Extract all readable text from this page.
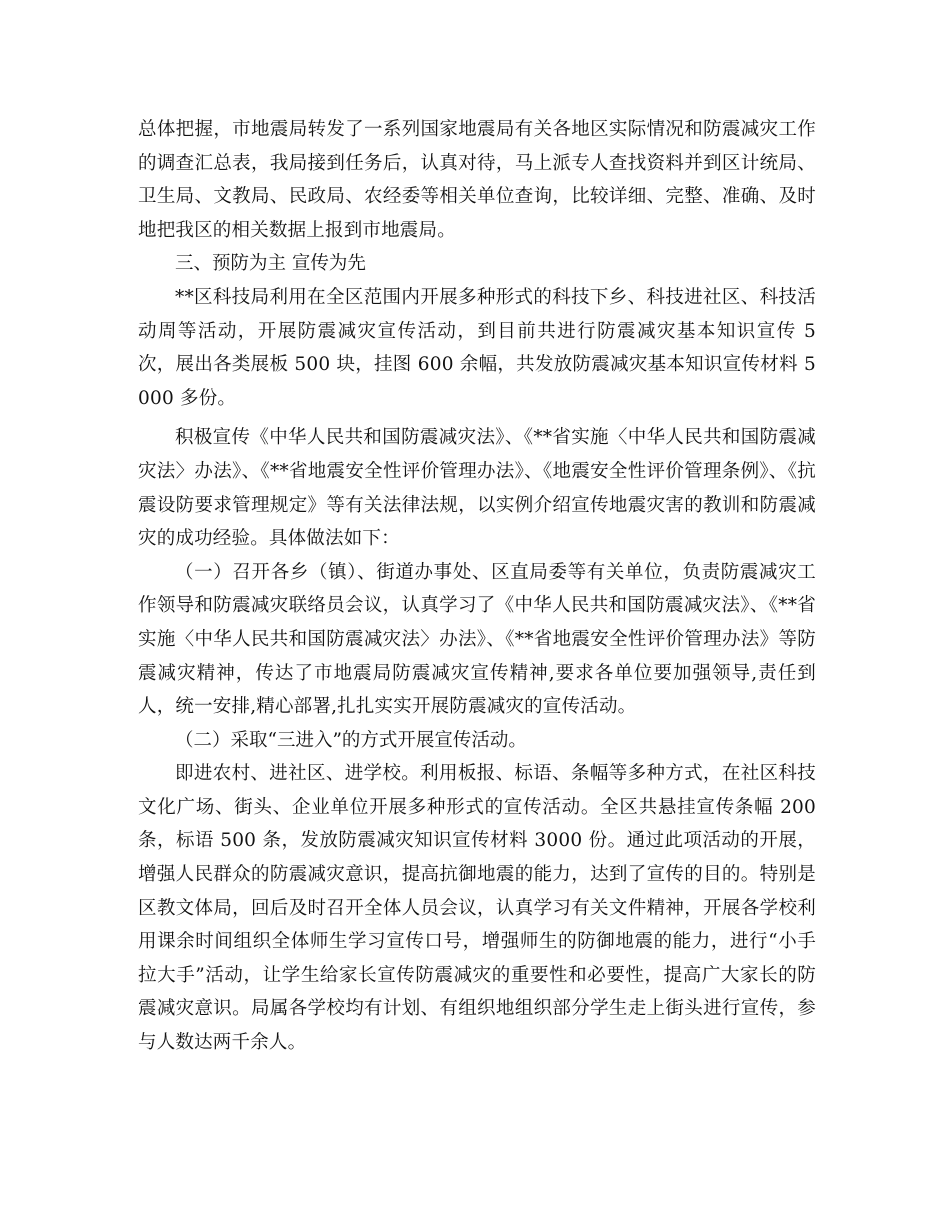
总体把握，市地震局转发了一系列国家地震局有关各地区实际情况和防震减灾工作的调查汇总表，我局接到任务后，认真对待，马上派专人查找资料并到区计统局、卫生局、文教局、民政局、农经委等相关单位查询，比较详细、完整、准确、及时地把我区的相关数据上报到市地震局。

三、预防为主 宣传为先

**区科技局利用在全区范围内开展多种形式的科技下乡、科技进社区、科技活动周等活动，开展防震减灾宣传活动，到目前共进行防震减灾基本知识宣传 5 次，展出各类展板 500 块，挂图 600 余幅，共发放防震减灾基本知识宣传材料 5000 多份。

积极宣传《中华人民共和国防震减灾法》、《**省实施〈中华人民共和国防震减灾法〉办法》、《**省地震安全性评价管理办法》、《地震安全性评价管理条例》、《抗震设防要求管理规定》等有关法律法规，以实例介绍宣传地震灾害的教训和防震减灾的成功经验。具体做法如下：

（一）召开各乡（镇）、街道办事处、区直局委等有关单位，负责防震减灾工作领导和防震减灾联络员会议，认真学习了《中华人民共和国防震减灾法》、《**省实施〈中华人民共和国防震减灾法〉办法》、《**省地震安全性评价管理办法》等防震减灾精神，传达了市地震局防震减灾宣传精神,要求各单位要加强领导,责任到人，统一安排,精心部署,扎扎实实开展防震减灾的宣传活动。

（二）采取“三进入”的方式开展宣传活动。

即进农村、进社区、进学校。利用板报、标语、条幅等多种方式，在社区科技文化广场、街头、企业单位开展多种形式的宣传活动。全区共悬挂宣传条幅 200 条，标语 500 条，发放防震减灾知识宣传材料 3000 份。通过此项活动的开展，增强人民群众的防震减灾意识，提高抗御地震的能力，达到了宣传的目的。特别是区教文体局，回后及时召开全体人员会议，认真学习有关文件精神，开展各学校利用课余时间组织全体师生学习宣传口号，增强师生的防御地震的能力，进行“小手拉大手”活动，让学生给家长宣传防震减灾的重要性和必要性，提高广大家长的防震减灾意识。局属各学校均有计划、有组织地组织部分学生走上街头进行宣传，参与人数达两千余人。
